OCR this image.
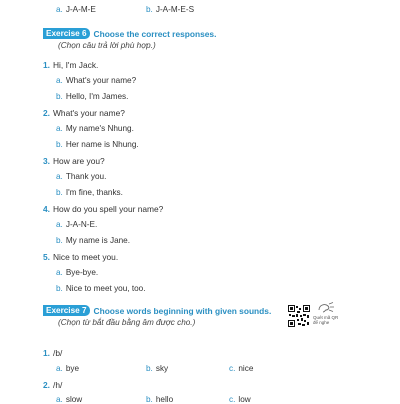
a. J-A-M-E	b. J-A-M-E-S
Exercise 6 Choose the correct responses.
(Chọn câu trả lời phù hợp.)
1. Hi, I'm Jack.
a. What's your name?
b. Hello, I'm James.
2. What's your name?
a. My name's Nhung.
b. Her name is Nhung.
3. How are you?
a. Thank you.
b. I'm fine, thanks.
4. How do you spell your name?
a. J-A-N-E.
b. My name is Jane.
5. Nice to meet you.
a. Bye-bye.
b. Nice to meet you, too.
Exercise 7 Choose words beginning with given sounds.
(Chọn từ bắt đầu bằng âm được cho.)
Quét mã QR để nghe
1. /b/
a. bye	b. sky	c. nice
2. /h/
a. slow	b. hello	c. low
